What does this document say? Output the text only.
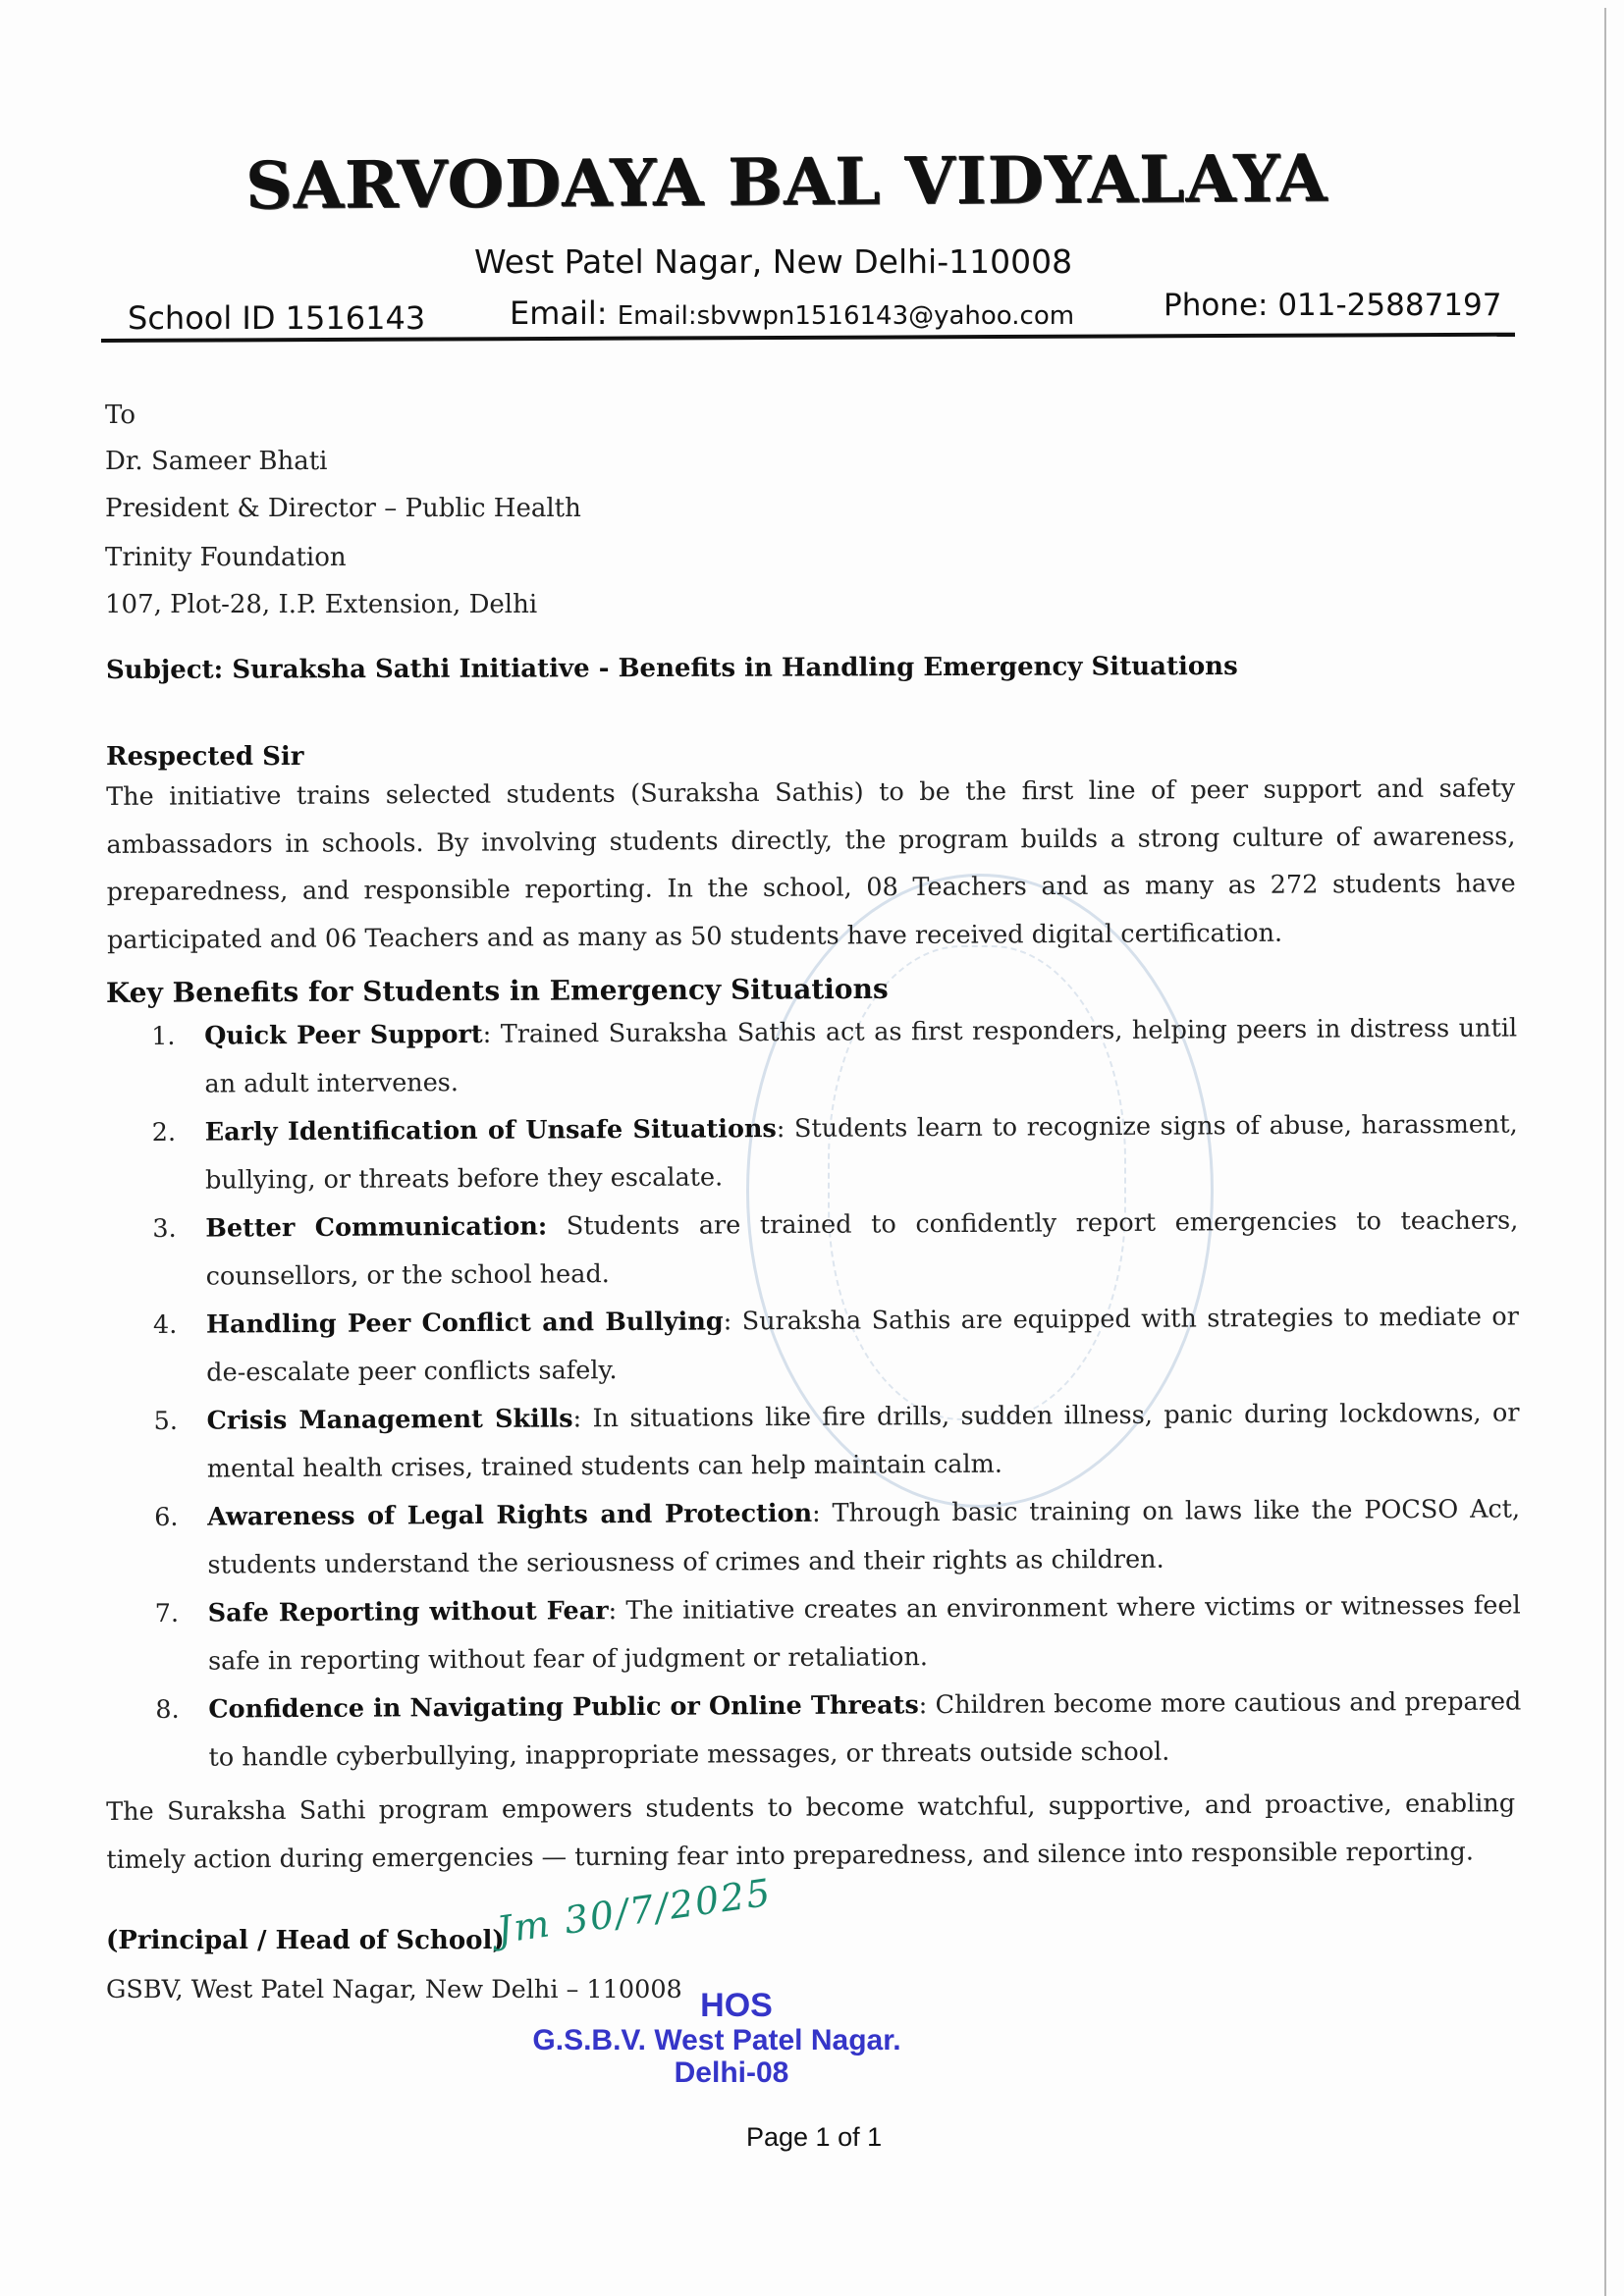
SARVODAYA BAL VIDYALAYA
West Patel Nagar, New Delhi-110008
School ID 1516143	Email: Email:sbvwpn1516143@yahoo.com	Phone: 011-25887197
To
Dr. Sameer Bhati
President & Director – Public Health
Trinity Foundation
107, Plot-28, I.P. Extension, Delhi
Subject: Suraksha Sathi Initiative - Benefits in Handling Emergency Situations
Respected Sir
The initiative trains selected students (Suraksha Sathis) to be the first line of peer support and safety ambassadors in schools. By involving students directly, the program builds a strong culture of awareness, preparedness, and responsible reporting. In the school, 08 Teachers and as many as 272 students have participated and 06 Teachers and as many as 50 students have received digital certification.
Key Benefits for Students in Emergency Situations
1. Quick Peer Support: Trained Suraksha Sathis act as first responders, helping peers in distress until an adult intervenes.
2. Early Identification of Unsafe Situations: Students learn to recognize signs of abuse, harassment, bullying, or threats before they escalate.
3. Better Communication: Students are trained to confidently report emergencies to teachers, counsellors, or the school head.
4. Handling Peer Conflict and Bullying: Suraksha Sathis are equipped with strategies to mediate or de-escalate peer conflicts safely.
5. Crisis Management Skills: In situations like fire drills, sudden illness, panic during lockdowns, or mental health crises, trained students can help maintain calm.
6. Awareness of Legal Rights and Protection: Through basic training on laws like the POCSO Act, students understand the seriousness of crimes and their rights as children.
7. Safe Reporting without Fear: The initiative creates an environment where victims or witnesses feel safe in reporting without fear of judgment or retaliation.
8. Confidence in Navigating Public or Online Threats: Children become more cautious and prepared to handle cyberbullying, inappropriate messages, or threats outside school.
The Suraksha Sathi program empowers students to become watchful, supportive, and proactive, enabling timely action during emergencies — turning fear into preparedness, and silence into responsible reporting.
(Principal / Head of School)
GSBV, West Patel Nagar, New Delhi – 110008
Jm 30/7/2025
HOS
G.S.B.V. West Patel Nagar.
Delhi-08
Page 1 of 1
